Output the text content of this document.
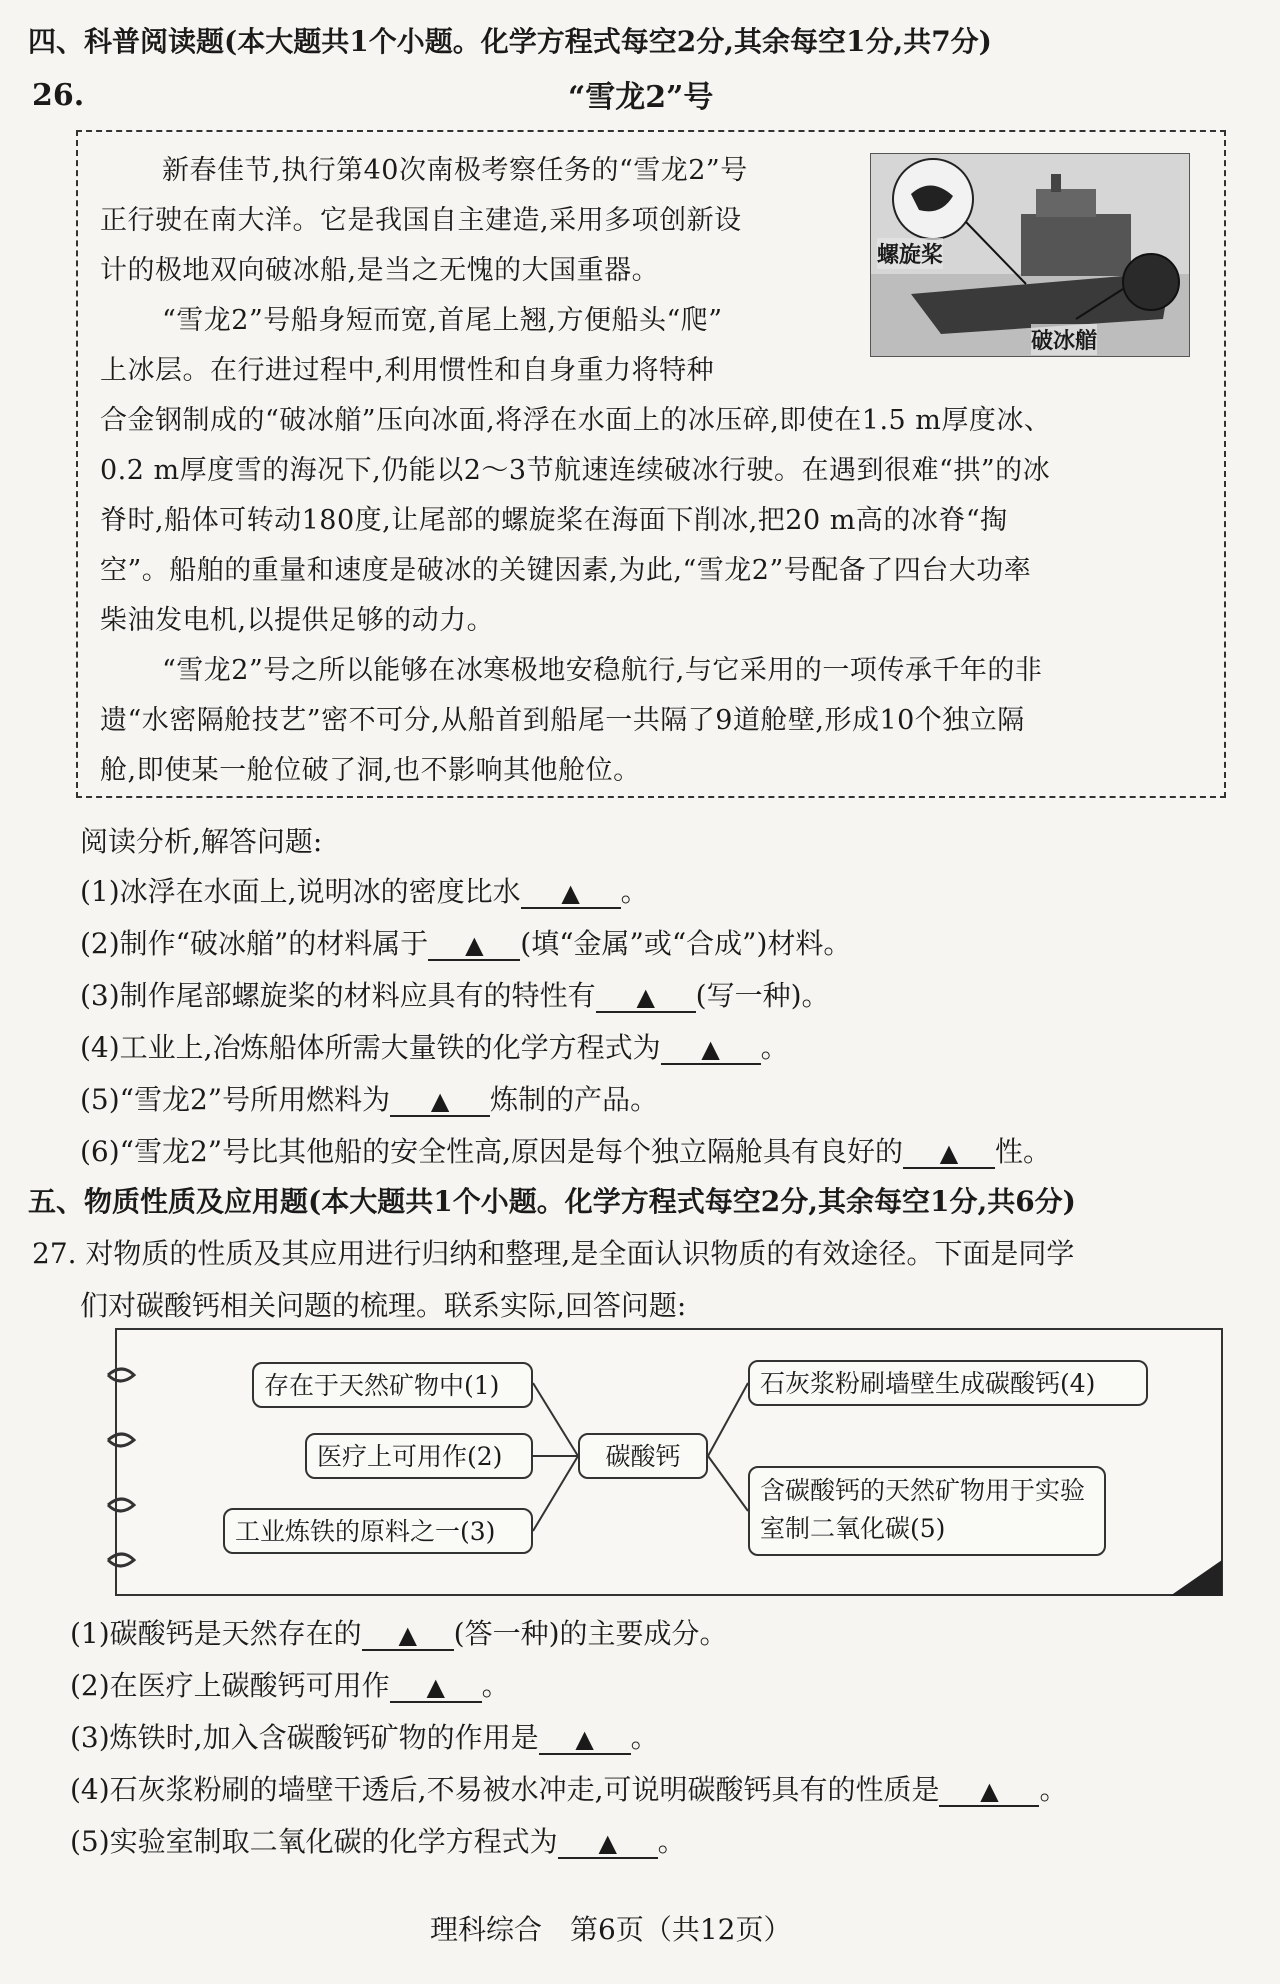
四、科普阅读题(本大题共1个小题。化学方程式每空2分,其余每空1分,共7分)
26.	“雪龙2”号
螺旋桨
破冰艏
新春佳节,执行第40次南极考察任务的“雪龙2”号
正行驶在南大洋。它是我国自主建造,采用多项创新设
计的极地双向破冰船,是当之无愧的大国重器。
“雪龙2”号船身短而宽,首尾上翘,方便船头“爬”
上冰层。在行进过程中,利用惯性和自身重力将特种
合金钢制成的“破冰艏”压向冰面,将浮在水面上的冰压碎,即使在1.5 m厚度冰、
0.2 m厚度雪的海况下,仍能以2～3节航速连续破冰行驶。在遇到很难“拱”的冰
脊时,船体可转动180度,让尾部的螺旋桨在海面下削冰,把20 m高的冰脊“掏
空”。船舶的重量和速度是破冰的关键因素,为此,“雪龙2”号配备了四台大功率
柴油发电机,以提供足够的动力。
“雪龙2”号之所以能够在冰寒极地安稳航行,与它采用的一项传承千年的非
遗“水密隔舱技艺”密不可分,从船首到船尾一共隔了9道舱壁,形成10个独立隔
舱,即使某一舱位破了洞,也不影响其他舱位。
阅读分析,解答问题:
(1)冰浮在水面上,说明冰的密度比水 ▲ 。
(2)制作“破冰艏”的材料属于 ▲ (填“金属”或“合成”)材料。
(3)制作尾部螺旋桨的材料应具有的特性有 ▲ (写一种)。
(4)工业上,冶炼船体所需大量铁的化学方程式为 ▲ 。
(5)“雪龙2”号所用燃料为 ▲ 炼制的产品。
(6)“雪龙2”号比其他船的安全性高,原因是每个独立隔舱具有良好的 ▲ 性。
五、物质性质及应用题(本大题共1个小题。化学方程式每空2分,其余每空1分,共6分)
27. 对物质的性质及其应用进行归纳和整理,是全面认识物质的有效途径。下面是同学
们对碳酸钙相关问题的梳理。联系实际,回答问题:
存在于天然矿物中(1)
医疗上可用作(2)
工业炼铁的原料之一(3)
碳酸钙
石灰浆粉刷墙壁生成碳酸钙(4)
含碳酸钙的天然矿物用于实验
室制二氧化碳(5)
(1)碳酸钙是天然存在的 ▲ (答一种)的主要成分。
(2)在医疗上碳酸钙可用作 ▲ 。
(3)炼铁时,加入含碳酸钙矿物的作用是 ▲ 。
(4)石灰浆粉刷的墙壁干透后,不易被水冲走,可说明碳酸钙具有的性质是 ▲ 。
(5)实验室制取二氧化碳的化学方程式为 ▲ 。
理科综合　第6页（共12页）
